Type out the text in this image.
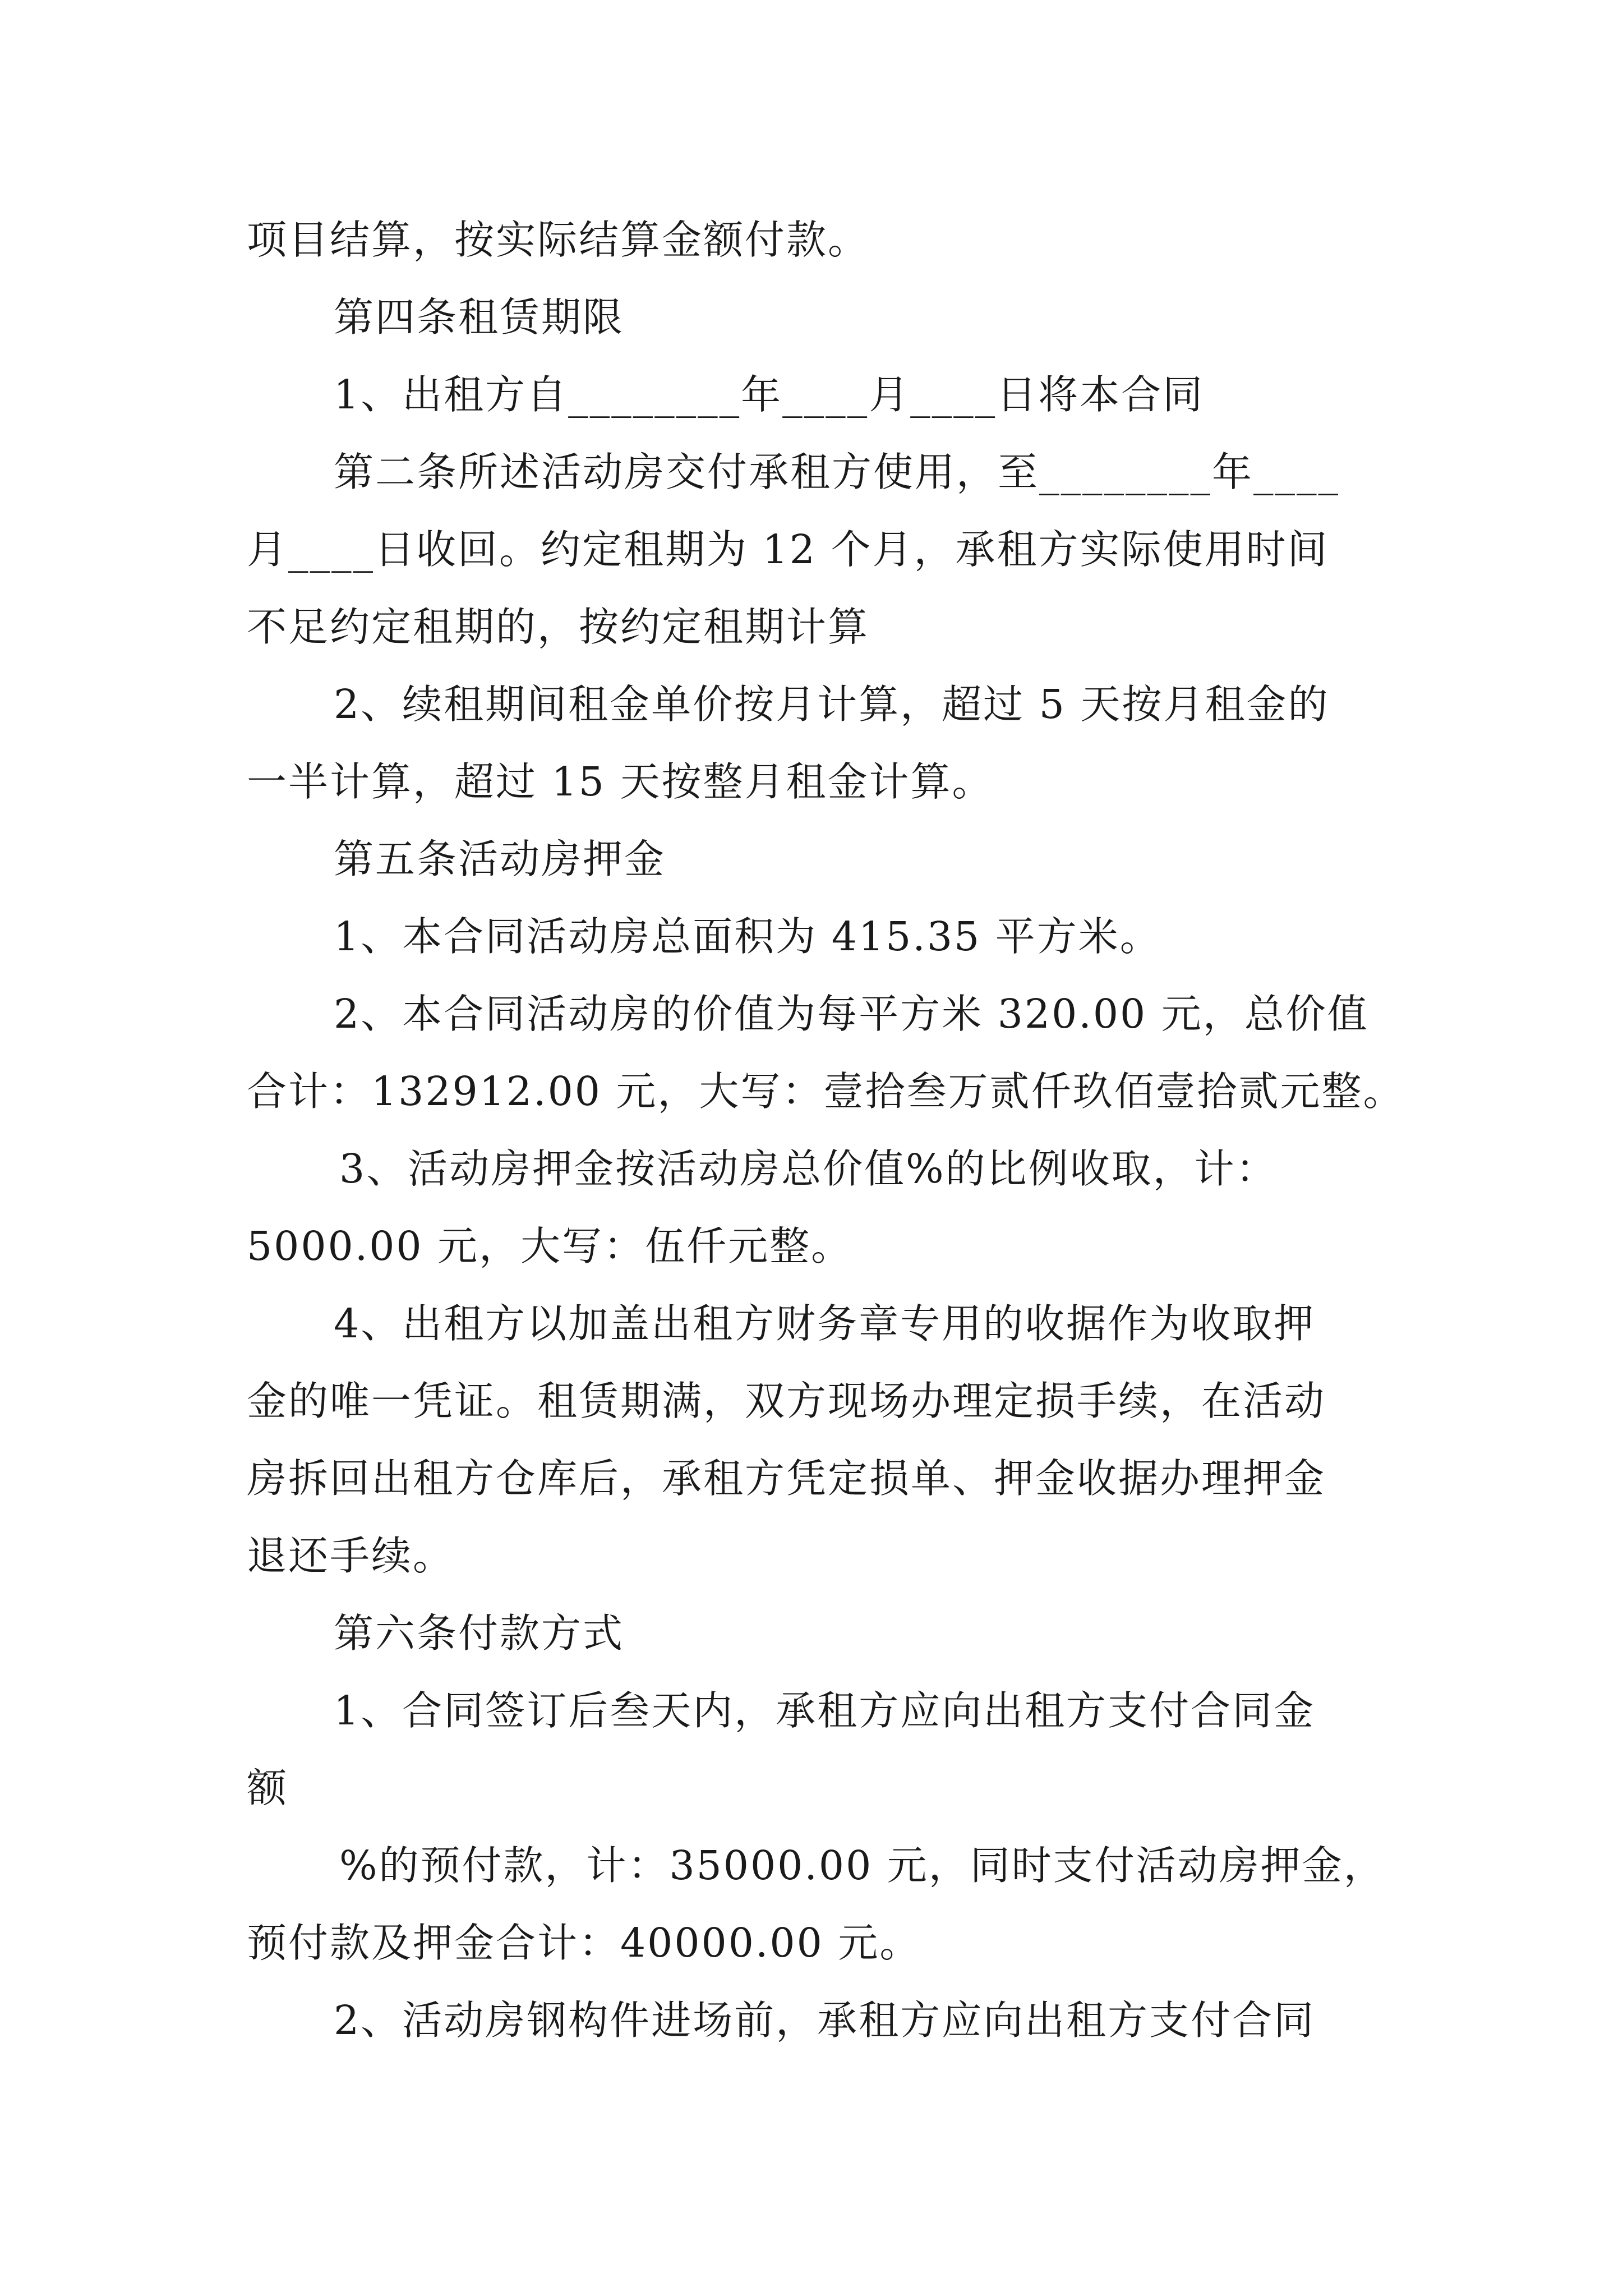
项目结算，按实际结算金额付款。

第四条租赁期限

1、出租方自________年____月____日将本合同

第二条所述活动房交付承租方使用，至________年____

月____日收回。约定租期为 12 个月，承租方实际使用时间

不足约定租期的，按约定租期计算

2、续租期间租金单价按月计算，超过 5 天按月租金的

一半计算，超过 15 天按整月租金计算。

第五条活动房押金

1、本合同活动房总面积为 415.35 平方米。

2、本合同活动房的价值为每平方米 320.00 元，总价值

合计：132912.00 元，大写：壹拾叁万贰仟玖佰壹拾贰元整。

3、活动房押金按活动房总价值%的比例收取，计：

5000.00 元，大写：伍仟元整。

4、出租方以加盖出租方财务章专用的收据作为收取押

金的唯一凭证。租赁期满，双方现场办理定损手续，在活动

房拆回出租方仓库后，承租方凭定损单、押金收据办理押金

退还手续。

第六条付款方式

1、合同签订后叁天内，承租方应向出租方支付合同金

额

%的预付款，计：35000.00 元，同时支付活动房押金，

预付款及押金合计：40000.00 元。

2、活动房钢构件进场前，承租方应向出租方支付合同
